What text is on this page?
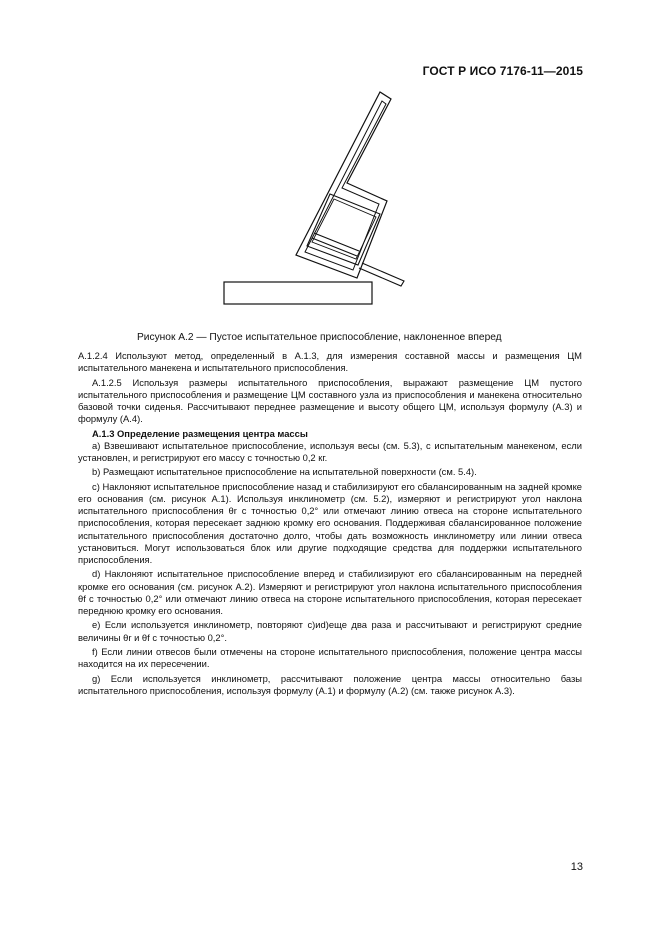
ГОСТ Р ИСО 7176-11—2015
Рисунок А.2 — Пустое испытательное приспособление, наклоненное вперед

А.1.2.4 Используют метод, определенный в А.1.3, для измерения составной массы и размещения ЦМ испытательного манекена и испытательного приспособления.

А.1.2.5 Используя размеры испытательного приспособления, выражают размещение ЦМ пустого испытательного приспособления и размещение ЦМ составного узла из приспособления и манекена относительно базовой точки сиденья. Рассчитывают переднее размещение и высоту общего ЦМ, используя формулу (А.3) и формулу (А.4).

А.1.3 Определение размещения центра массы

a) Взвешивают испытательное приспособление, используя весы (см. 5.3), с испытательным манекеном, если установлен, и регистрируют его массу с точностью 0,2 кг.

b) Размещают испытательное приспособление на испытательной поверхности (см. 5.4).

c) Наклоняют испытательное приспособление назад и стабилизируют его сбалансированным на задней кромке его основания (см. рисунок А.1). Используя инклинометр (см. 5.2), измеряют и регистрируют угол наклона испытательного приспособления θr с точностью 0,2° или отмечают линию отвеса на стороне испытательного приспособления, которая пересекает заднюю кромку его основания. Поддерживая сбалансированное положение испытательного приспособления достаточно долго, чтобы дать возможность инклинометру или линии отвеса установиться. Могут использоваться блок или другие подходящие средства для поддержки испытательного приспособления.

d) Наклоняют испытательное приспособление вперед и стабилизируют его сбалансированным на передней кромке его основания (см. рисунок А.2). Измеряют и регистрируют угол наклона испытательного приспособления θf с точностью 0,2° или отмечают линию отвеса на стороне испытательного приспособления, которая пересекает переднюю кромку его основания.

e) Если используется инклинометр, повторяют c)иd)еще два раза и рассчитывают и регистрируют средние величины θr и θf с точностью 0,2°.

f) Если линии отвесов были отмечены на стороне испытательного приспособления, положение центра массы находится на их пересечении.

g) Если используется инклинометр, рассчитывают положение центра массы относительно базы испытательного приспособления, используя формулу (А.1) и формулу (А.2) (см. также рисунок А.3).

13
